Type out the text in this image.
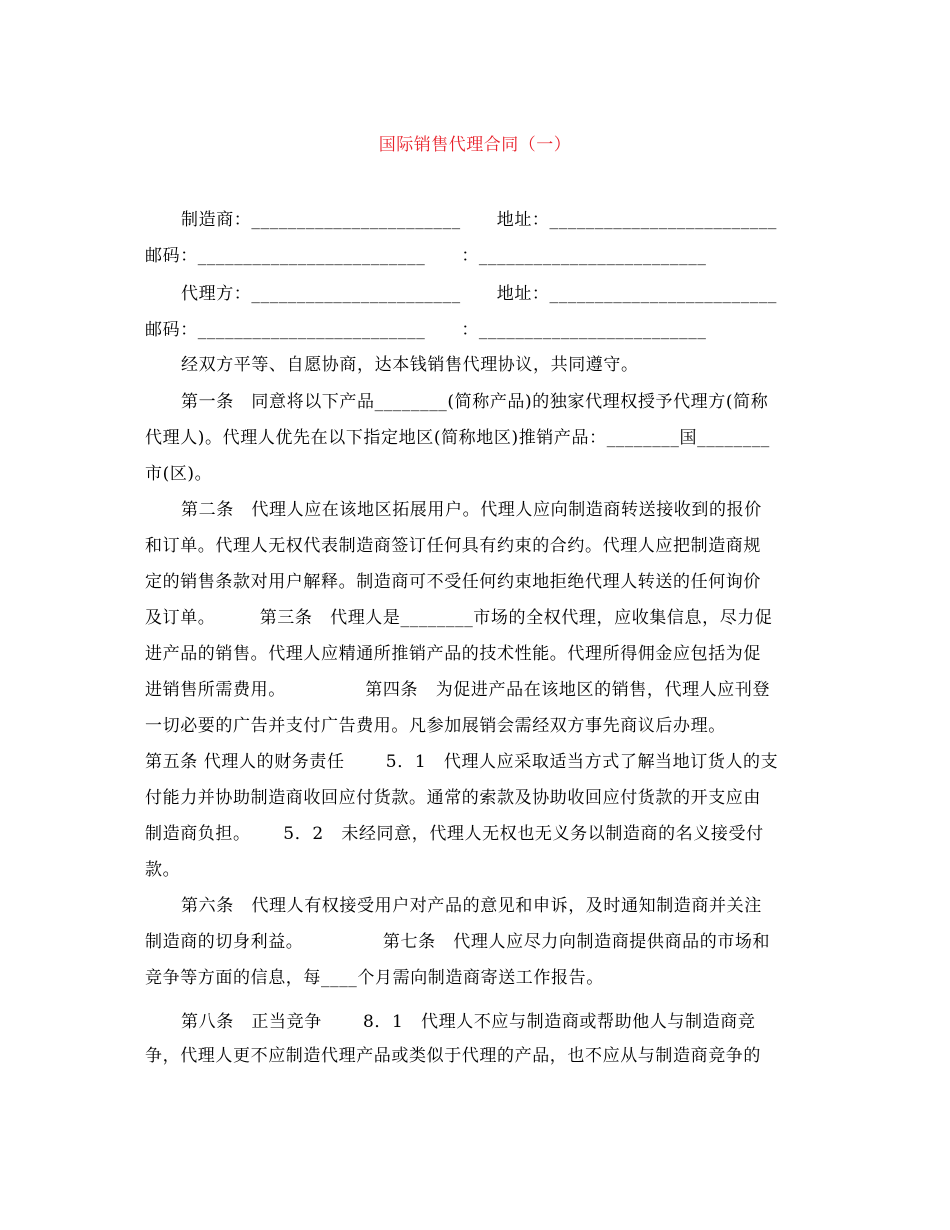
国际销售代理合同（一）
制造商：_______________________      地址：_________________________
邮码：_________________________      ：_________________________
代理方：_______________________      地址：_________________________
邮码：_________________________      ：_________________________
经双方平等、自愿协商，达本钱销售代理协议，共同遵守。
第一条　同意将以下产品________(简称产品)的独家代理权授予代理方(简称
代理人)。代理人优先在以下指定地区(简称地区)推销产品：________国________
市(区)。
第二条　代理人应在该地区拓展用户。代理人应向制造商转送接收到的报价
和订单。代理人无权代表制造商签订任何具有约束的合约。代理人应把制造商规
定的销售条款对用户解释。制造商可不受任何约束地拒绝代理人转送的任何询价
及订单。　　　第三条　代理人是________市场的全权代理，应收集信息，尽力促
进产品的销售。代理人应精通所推销产品的技术性能。代理所得佣金应包括为促
进销售所需费用。　　　　　第四条　为促进产品在该地区的销售，代理人应刊登
一切必要的广告并支付广告费用。凡参加展销会需经双方事先商议后办理。
第五条 代理人的财务责任　　 5．1　代理人应采取适当方式了解当地订货人的支
付能力并协助制造商收回应付货款。通常的索款及协助收回应付货款的开支应由
制造商负担。　　 5．2　未经同意，代理人无权也无义务以制造商的名义接受付
款。
第六条　代理人有权接受用户对产品的意见和申诉，及时通知制造商并关注
制造商的切身利益。　　　　　第七条　代理人应尽力向制造商提供商品的市场和
竞争等方面的信息，每____个月需向制造商寄送工作报告。
第八条　正当竞争　　 8．1　代理人不应与制造商或帮助他人与制造商竞
争，代理人更不应制造代理产品或类似于代理的产品，也不应从与制造商竞争的
